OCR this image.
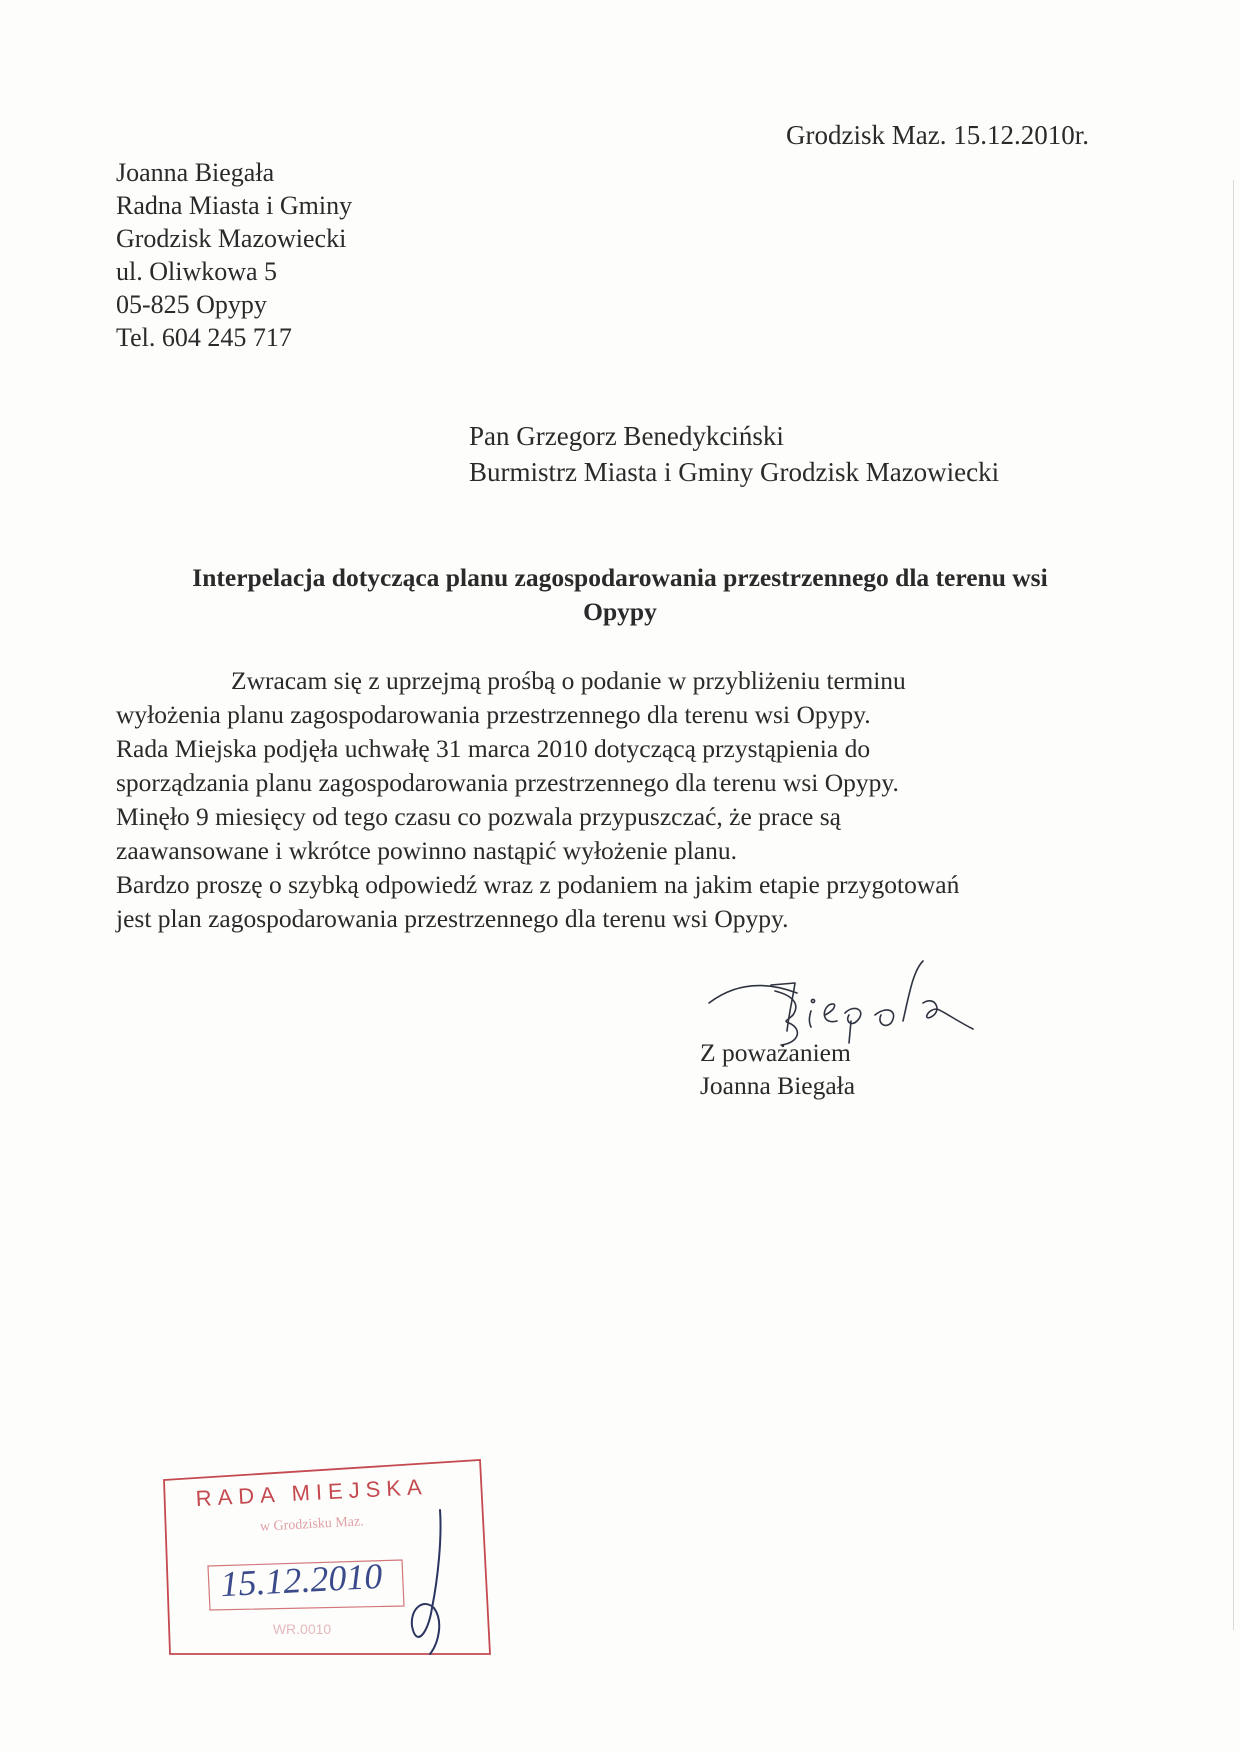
Grodzisk Maz. 15.12.2010r.
Joanna Biegała
Radna Miasta i Gminy
Grodzisk Mazowiecki
ul. Oliwkowa 5
05-825 Opypy
Tel. 604 245 717
Pan Grzegorz Benedykciński
Burmistrz Miasta i Gminy Grodzisk Mazowiecki
Interpelacja dotycząca planu zagospodarowania przestrzennego dla terenu wsi
Opypy

Zwracam się z uprzejmą prośbą o podanie w przybliżeniu terminu

wyłożenia planu zagospodarowania przestrzennego dla terenu wsi Opypy.

Rada Miejska podjęła uchwałę 31 marca 2010 dotyczącą przystąpienia do

sporządzania planu zagospodarowania przestrzennego dla terenu wsi Opypy.

Minęło 9 miesięcy od tego czasu co pozwala przypuszczać, że prace są

zaawansowane i wkrótce powinno nastąpić wyłożenie planu.

Bardzo proszę o szybką odpowiedź wraz z podaniem na jakim etapie przygotowań

jest plan zagospodarowania przestrzennego dla terenu wsi Opypy.

Z poważaniem
Joanna Biegała
RADA MIEJSKA
w Grodzisku Maz.
15.12.2010
WR.0010
